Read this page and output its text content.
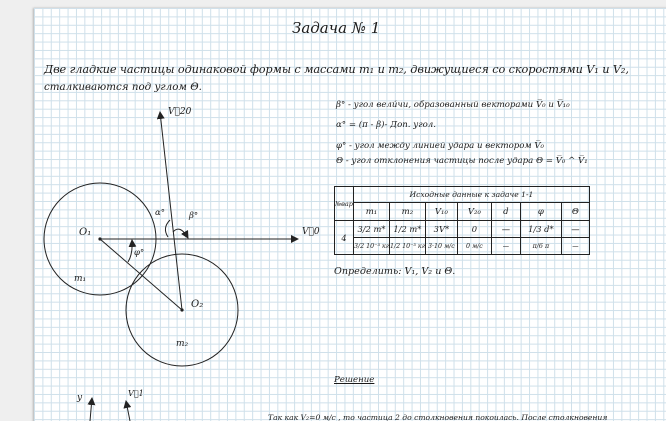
Задача № 1
Две гладкие частицы одинаковой формы с массами m₁ и m₂, движущиеся со скоростями V₁ и V₂,
сталкиваются под углом Θ.
V⃗20
V⃗0
O₁
O₂
m₁
m₂
α°	β°
φ°
y	V⃗1
β° - угол вели́чи, образованный векторами V̅₀ и V̅₁₀
α° = (π - β)- Доп. угол.
φ° - угол между линией удара и вектором V̅₀
Θ - угол отклонения частицы после удара Θ = V̅₀ ^ V̅₁
№вар	Исходные данные к задаче 1-1						
	m₁	m₂	V₁₀	V₂₀	d	φ	Θ
4	3/2 m*	1/2 m*	3V*	0	—	1/3 d*	—
	3/2 10⁻³ кг	1/2 10⁻³ кг	3·10 м/с	0 м/с	—	π/6 π	—
Определить: V₁, V₂ и Θ.
Решение
Так как V₂=0 м/с , то частица 2 до столкновения покоилась. После столкновения
